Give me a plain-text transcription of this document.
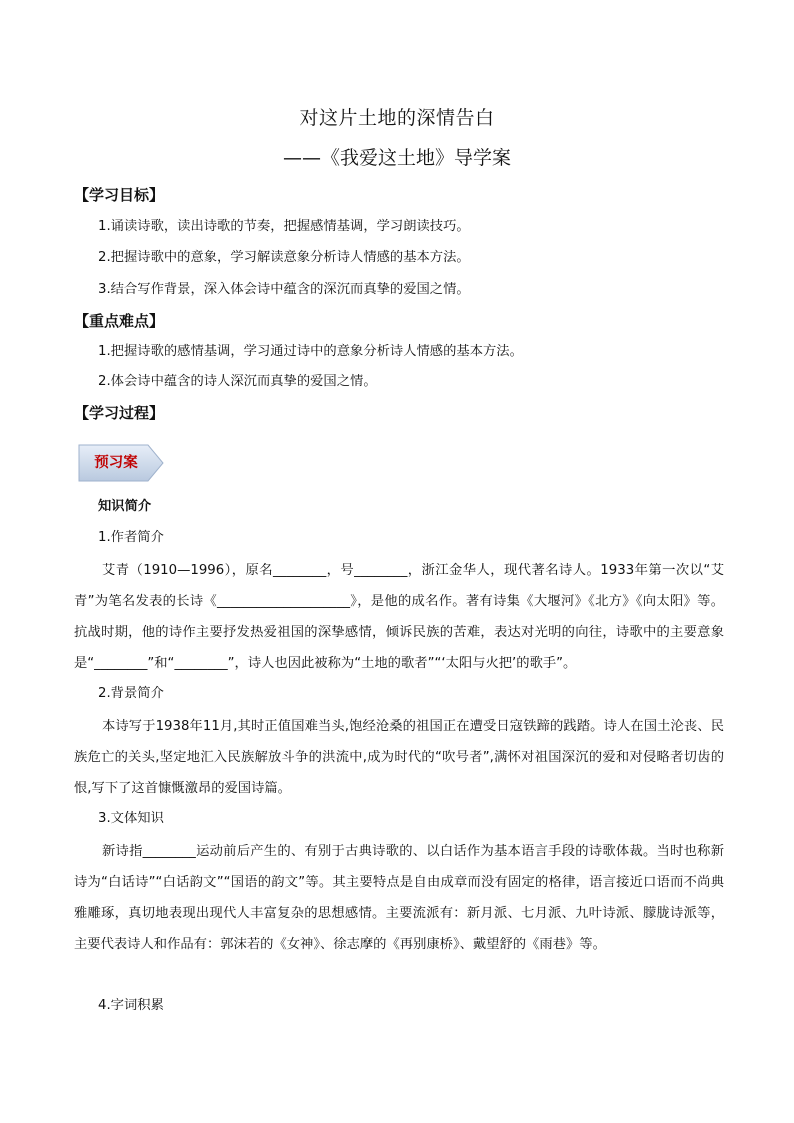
对这片土地的深情告白
——《我爱这土地》导学案
【学习目标】
1.诵读诗歌，读出诗歌的节奏，把握感情基调，学习朗读技巧。
2.把握诗歌中的意象，学习解读意象分析诗人情感的基本方法。
3.结合写作背景，深入体会诗中蕴含的深沉而真挚的爱国之情。
【重点难点】
1.把握诗歌的感情基调，学习通过诗中的意象分析诗人情感的基本方法。
2.体会诗中蕴含的诗人深沉而真挚的爱国之情。
【学习过程】
预习案
知识简介
1.作者简介

艾青（1910—1996），原名________，号________，浙江金华人，现代著名诗人。1933年第一次以“艾青”为笔名发表的长诗《____________________》，是他的成名作。著有诗集《大堰河》《北方》《向太阳》等。抗战时期，他的诗作主要抒发热爱祖国的深挚感情，倾诉民族的苦难，表达对光明的向往，诗歌中的主要意象是“________”和“________”，诗人也因此被称为“土地的歌者”“‘太阳与火把’的歌手”。

2.背景简介

本诗写于1938年11月,其时正值国难当头,饱经沧桑的祖国正在遭受日寇铁蹄的践踏。诗人在国土沦丧、民族危亡的关头,坚定地汇入民族解放斗争的洪流中,成为时代的“吹号者”,满怀对祖国深沉的爱和对侵略者切齿的恨,写下了这首慷慨激昂的爱国诗篇。

3.文体知识

新诗指________运动前后产生的、有别于古典诗歌的、以白话作为基本语言手段的诗歌体裁。当时也称新诗为“白话诗”“白话韵文”“国语的韵文”等。其主要特点是自由成章而没有固定的格律，语言接近口语而不尚典雅雕琢，真切地表现出现代人丰富复杂的思想感情。主要流派有：新月派、七月派、九叶诗派、朦胧诗派等，主要代表诗人和作品有：郭沫若的《女神》、徐志摩的《再别康桥》、戴望舒的《雨巷》等。

4.字词积累
